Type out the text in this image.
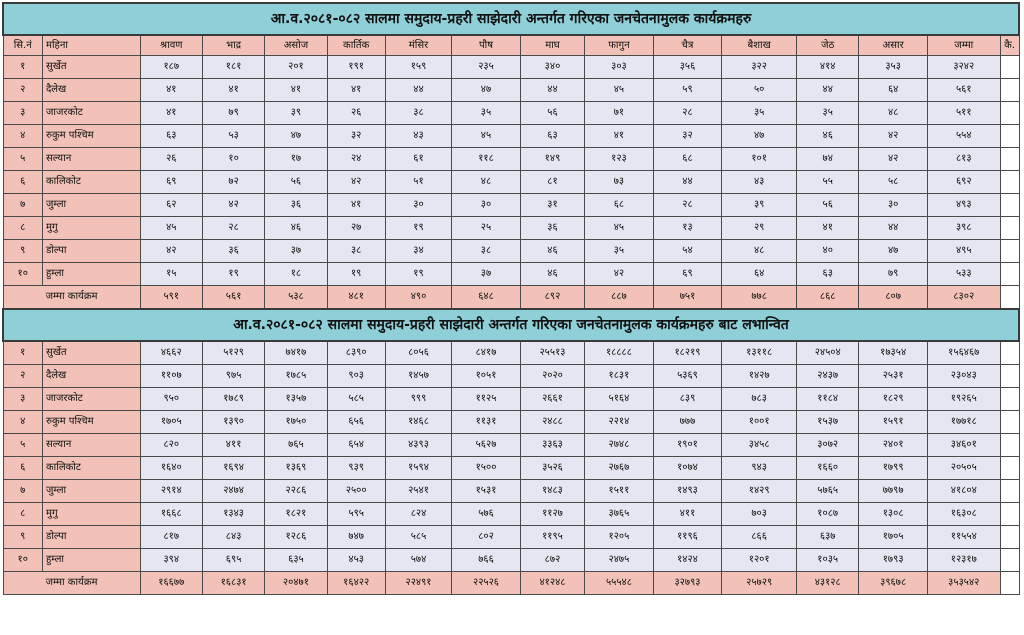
आ.व.२०८१-०८२ सालमा समुदाय-प्रहरी साझेदारी अन्तर्गत गरिएका जनचेतनामुलक कार्यक्रमहरु															
सि.नं	महिना	श्रावण	भाद्र	असोज	कार्तिक	मंसिर	पौष	माघ	फागुन	चैत्र	बैशाख	जेठ	असार	जम्मा	कै.
१	सुर्खेत	१८७	१८१	२०१	१९१	१५९	२३५	३४०	३०३	३५६	३२२	४१४	३५३	३२४२	
२	दैलेख	४१	४१	४१	४१	४४	४७	४४	४५	५९	५०	४४	६४	५६१	
३	जाजरकोट	४१	७९	३९	२६	३८	३५	५६	७१	२८	३५	३५	४८	५११	
४	रुकुम पश्चिम	६३	५३	४७	३२	४३	४५	६३	४१	३२	४७	४६	४२	५५४	
५	सल्यान	२६	१०	१७	२४	६१	११८	१४९	१२३	६८	१०१	७४	४२	८१३	
६	कालिकोट	६९	७२	५६	४२	५१	४८	८१	७३	४४	४३	५५	५८	६९२	
७	जुम्ला	६२	४२	३६	४१	३०	३०	३१	६८	२८	३९	५६	३०	४९३	
८	मुगु	४५	२८	४६	२७	१९	२५	३६	४५	१३	२९	४१	४४	३९८	
९	डोल्पा	४२	३६	३७	३८	३४	३८	४६	३५	५४	४८	४०	४७	४९५	
१०	हुम्ला	१५	१९	१८	१९	१९	३७	४६	४२	६९	६४	६३	७९	५३३	
जम्मा कार्यक्रम		५९१	५६१	५३८	४८१	४९०	६४८	८९२	८८७	७५१	७७८	८६८	८०७	८३०२	
आ.व.२०८१-०८२ सालमा समुदाय-प्रहरी साझेदारी अन्तर्गत गरिएका जनचेतनामुलक कार्यक्रमहरु बाट लभान्वित															
१	सुर्खेत	४६६२	५१२९	७४१७	८३९०	८०५६	८४१७	२५५१३	१८८८८	१८२१९	१३११८	२४५०४	१७३५४	१५६४६७	
२	दैलेख	११०७	९७५	१७८५	९०३	१४५७	१०५१	२०२०	१८३१	५३६९	१४२७	२४३७	२५३१	२३०४३	
३	जाजरकोट	९५०	१७८९	१३५७	५८५	९९९	११२५	२६६१	५१६४	८३९	७८३	११८४	१८२९	१९२६५	
४	रुकुम पश्चिम	१७०५	१३९०	१७५०	६५६	१४६८	११३१	२४८८	२२१४	७७७	१००१	१५३७	१५९१	१७७१८	
५	सल्यान	८२०	४११	७६५	६५४	४३९३	५६२७	३३६३	२७४८	१९०१	३४५८	३०७२	२४०१	३४६०१	
६	कालिकोट	१६४०	१६९४	१३६९	९३९	१५९४	१५००	३५२६	२७६७	१०७४	९४३	१६६०	१७९९	२०५०५	
७	जुम्ला	२९१४	२४७४	२२८६	२५००	२५४१	१५३१	१४८३	१५११	१४९३	१४२९	५७६५	७७९७	४१८०४	
८	मुगु	१६६८	१३४३	१८२१	५९५	८२४	५७६	११२७	३७६५	४११	७०३	१०८७	१३०८	१६३०८	
९	डोल्पा	८१७	८४३	१२८६	७४७	५८५	८०२	११९५	१२०५	११९६	८६६	६३७	१७०५	११५५४	
१०	हुम्ला	३९४	६९५	६३५	४५३	५७४	७६६	८७२	२४७५	१४२४	१२०१	१०३५	१७९३	१२३१७	
जम्मा कार्यक्रम		१६६७७	१६८३१	२०४७१	१६४२२	२२४९१	२२५२६	४१२४८	५५५४८	३२७९३	२५७२९	४३१२८	३९६७८	३५३५४२	
